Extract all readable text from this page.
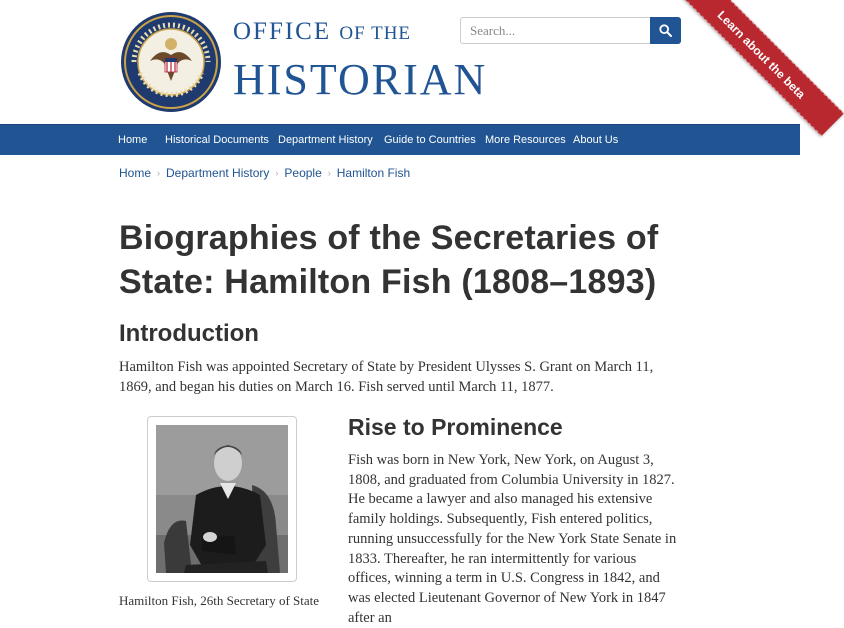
OFFICE OF THE
HISTORIAN
Search...	Learn about the beta
Home Historical Documents Department History Guide to Countries More Resources About Us
Home › Department History › People › Hamilton Fish
Biographies of the Secretaries of State: Hamilton Fish (1808–1893)
Introduction

Hamilton Fish was appointed Secretary of State by President Ulysses S. Grant on March 11, 1869, and began his duties on March 16. Fish served until March 11, 1877.

Hamilton Fish, 26th Secretary of State
Rise to Prominence

Fish was born in New York, New York, on August 3, 1808, and graduated from Columbia University in 1827. He became a lawyer and also managed his extensive family holdings. Subsequently, Fish entered politics, running unsuccessfully for the New York State Senate in 1833. Thereafter, he ran intermittently for various offices, winning a term in U.S. Congress in 1842, and was elected Lieutenant Governor of New York in 1847 after an
